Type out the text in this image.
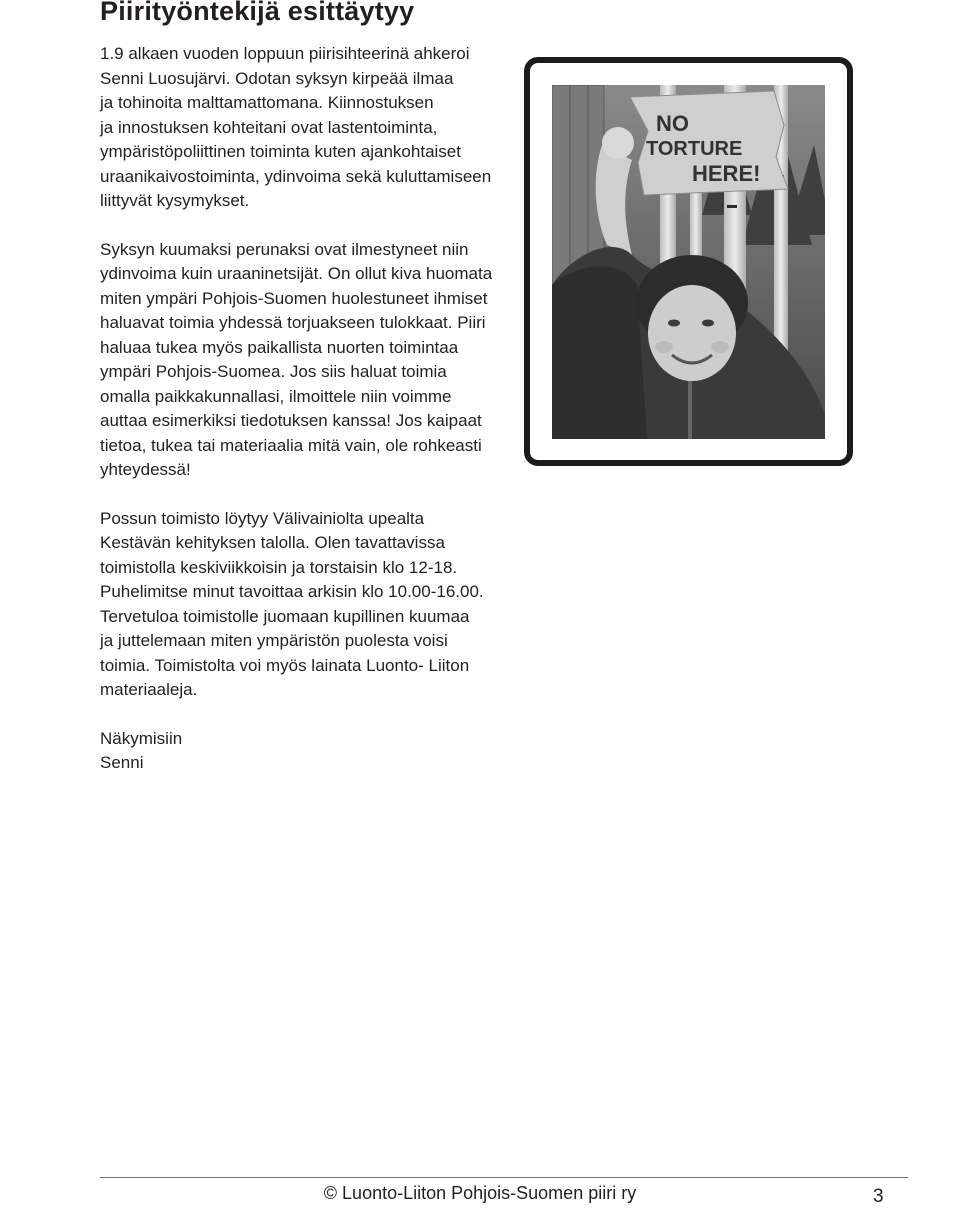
Piirityöntekijä esittäytyy

1.9 alkaen vuoden loppuun piirisihteerinä ahkeroi
Senni Luosujärvi. Odotan syksyn kirpeää ilmaa
ja tohinoita malttamattomana. Kiinnostuksen
ja innostuksen kohteitani ovat lastentoiminta,
ympäristöpoliittinen toiminta kuten ajankohtaiset
uraanikaivostoiminta, ydinvoima sekä kuluttamiseen
liittyvät kysymykset.

Syksyn kuumaksi perunaksi ovat ilmestyneet niin
ydinvoima kuin uraaninetsijät. On ollut kiva huomata
miten ympäri Pohjois-Suomen huolestuneet ihmiset
haluavat toimia yhdessä torjuakseen tulokkaat. Piiri
haluaa tukea myös paikallista nuorten toimintaa
ympäri Pohjois-Suomea. Jos siis haluat toimia
omalla paikkakunnallasi, ilmoittele niin voimme
auttaa esimerkiksi tiedotuksen kanssa! Jos kaipaat
tietoa, tukea tai materiaalia mitä vain, ole rohkeasti
yhteydessä!

Possun toimisto löytyy Välivainiolta upealta
Kestävän kehityksen talolla. Olen tavattavissa
toimistolla keskiviikkoisin ja torstaisin klo 12-18.
Puhelimitse minut tavoittaa arkisin klo 10.00-16.00.
Tervetuloa toimistolle juomaan kupillinen kuumaa
ja juttelemaan miten ympäristön puolesta voisi
toimia. Toimistolta voi myös lainata Luonto- Liiton
materiaaleja.

Näkymisiin
Senni

NO
TORTURE
HERE!
© Luonto-Liiton Pohjois-Suomen piiri ry	3
